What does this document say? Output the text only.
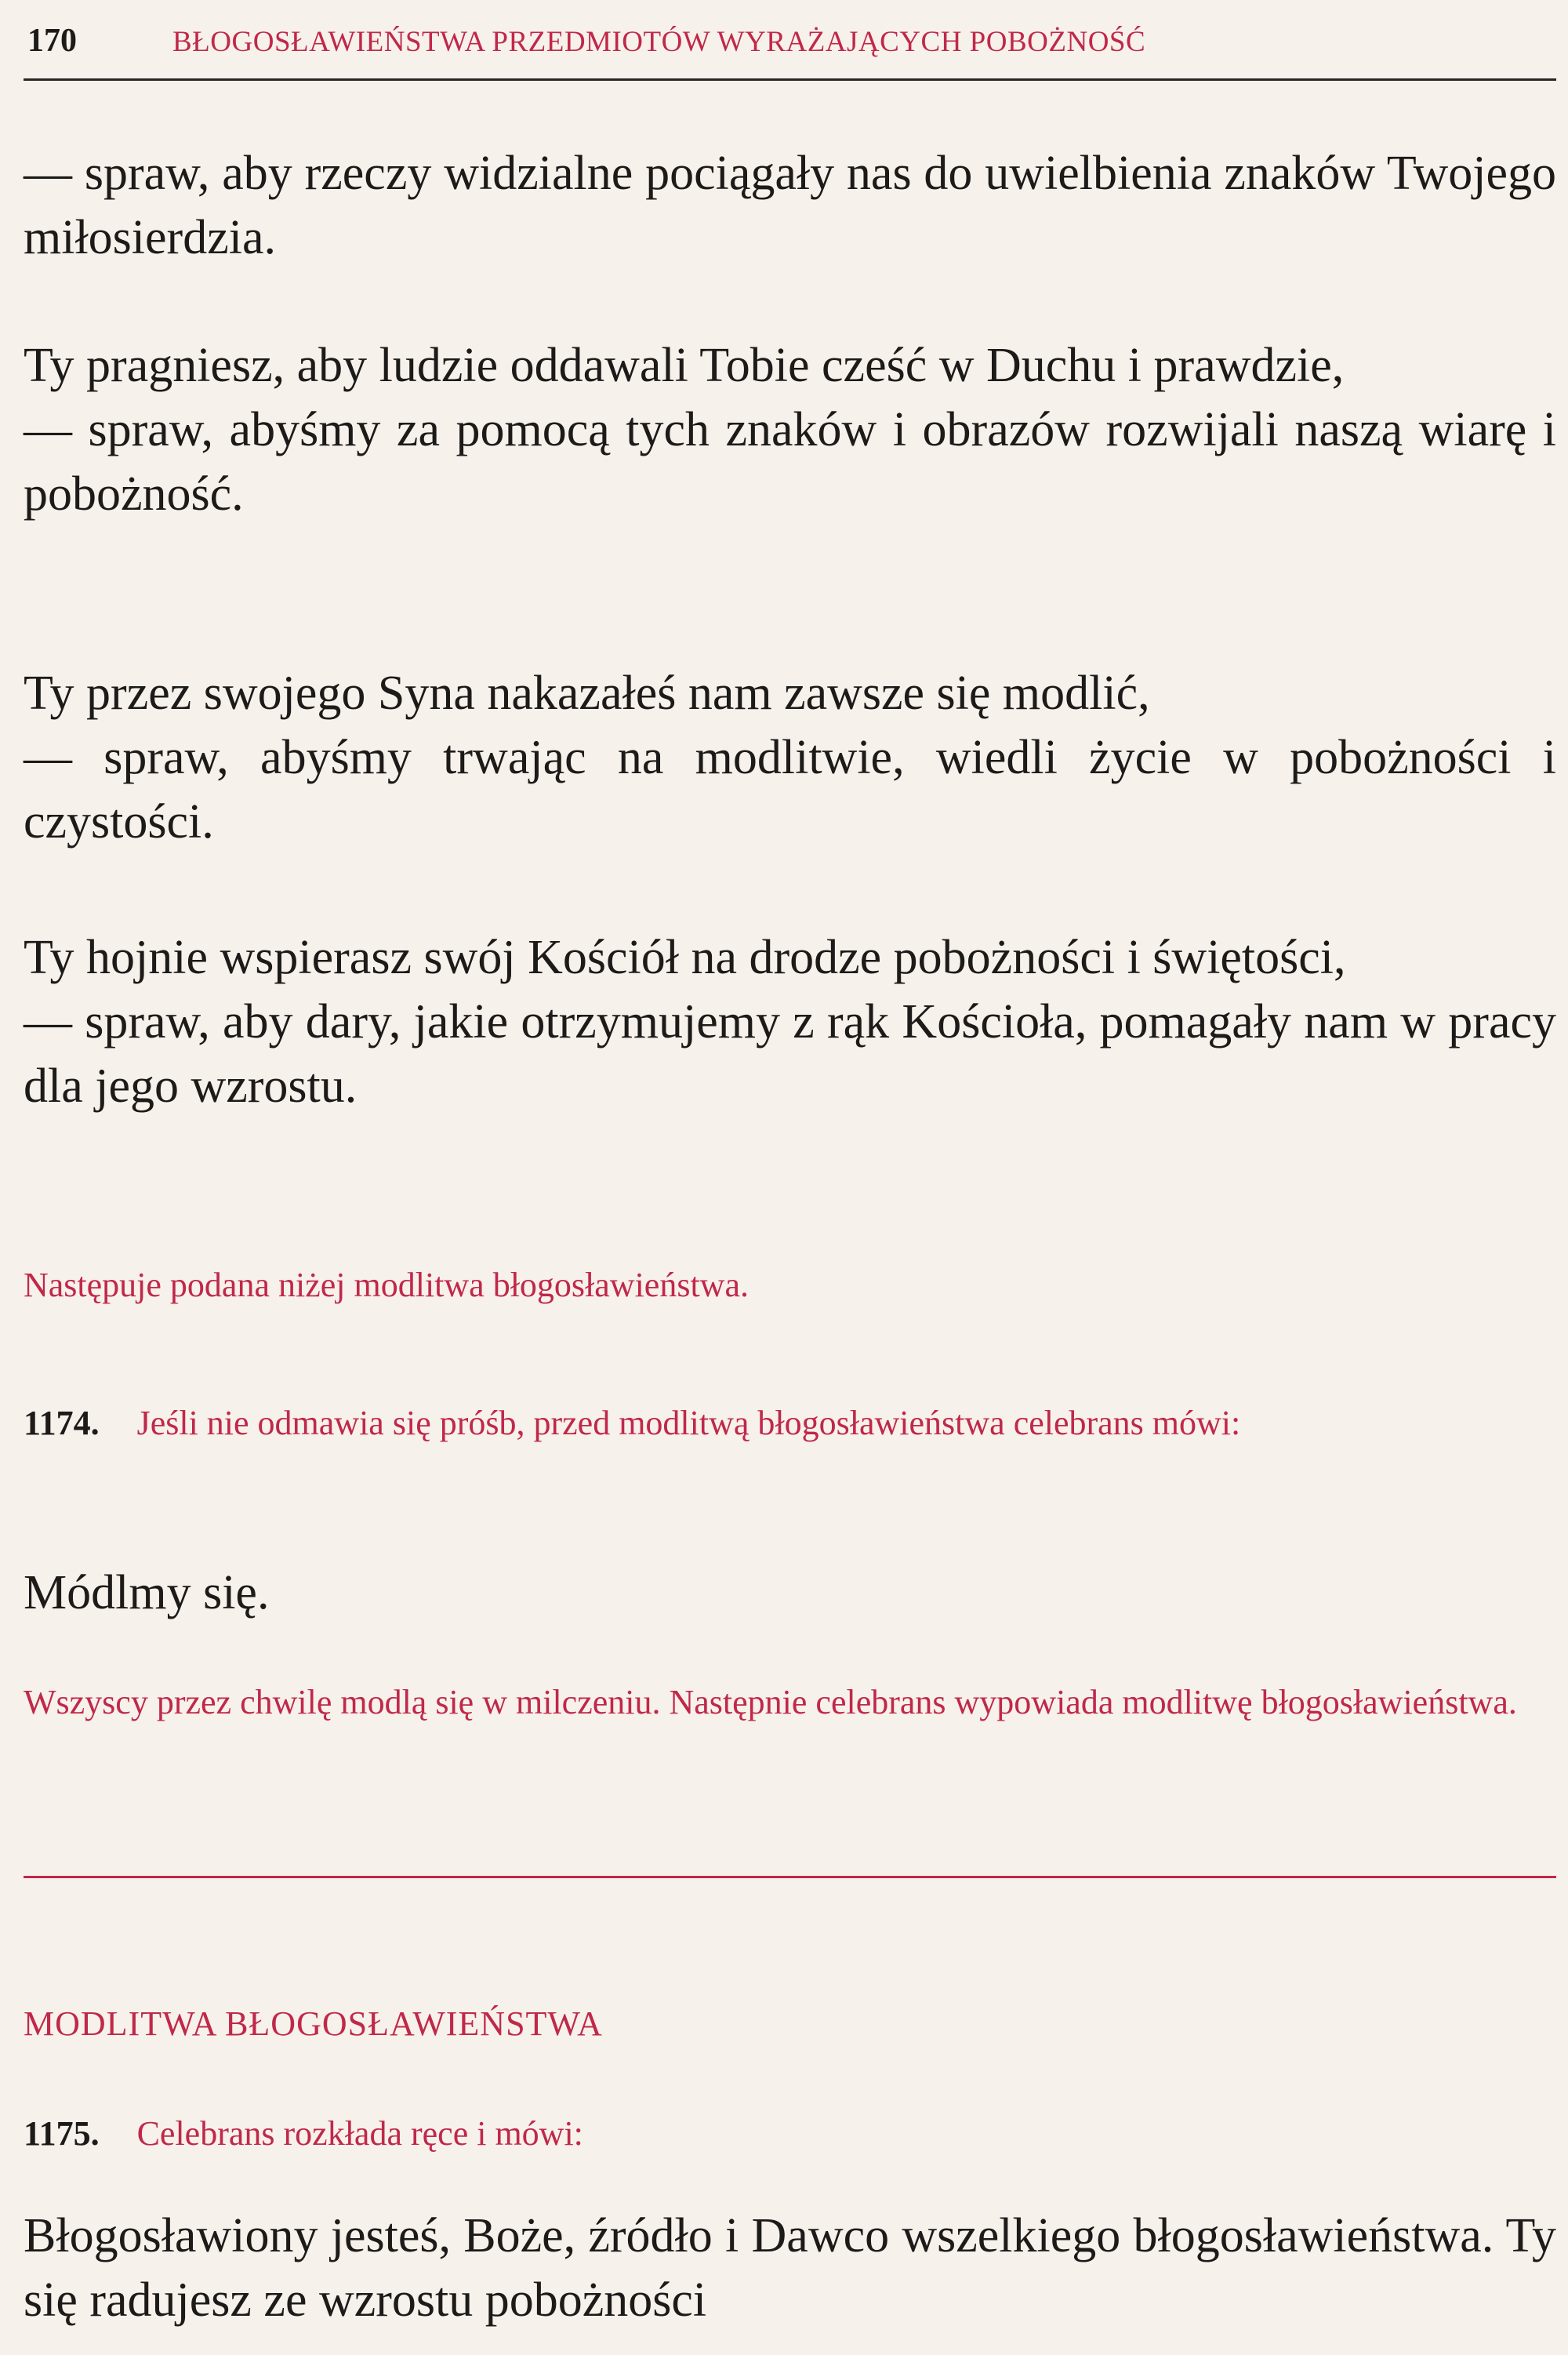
170	BŁOGOSŁAWIEŃSTWA PRZEDMIOTÓW WYRAŻAJĄCYCH POBOŻNOŚĆ

— spraw, aby rzeczy widzialne pociągały nas do uwielbienia znaków Twojego miłosierdzia.

Ty pragniesz, aby ludzie oddawali Tobie cześć w Duchu i prawdzie,
— spraw, abyśmy za pomocą tych znaków i obrazów rozwijali naszą wiarę i pobożność.
Ty przez swojego Syna nakazałeś nam zawsze się modlić,
— spraw, abyśmy trwając na modlitwie, wiedli życie w pobożności i czystości.
Ty hojnie wspierasz swój Kościół na drodze pobożności i świętości,
— spraw, aby dary, jakie otrzymujemy z rąk Kościoła, pomagały nam w pracy dla jego wzrostu.

Następuje podana niżej modlitwa błogosławieństwa.

1174. Jeśli nie odmawia się próśb, przed modlitwą błogosławieństwa celebrans mówi:

Módlmy się.

Wszyscy przez chwilę modlą się w milczeniu. Następnie celebrans wypowiada modlitwę błogosławieństwa.

MODLITWA BŁOGOSŁAWIEŃSTWA

1175. Celebrans rozkłada ręce i mówi:

Błogosławiony jesteś, Boże, źródło i Dawco wszelkiego błogosławieństwa. Ty się radujesz ze wzrostu pobożności
